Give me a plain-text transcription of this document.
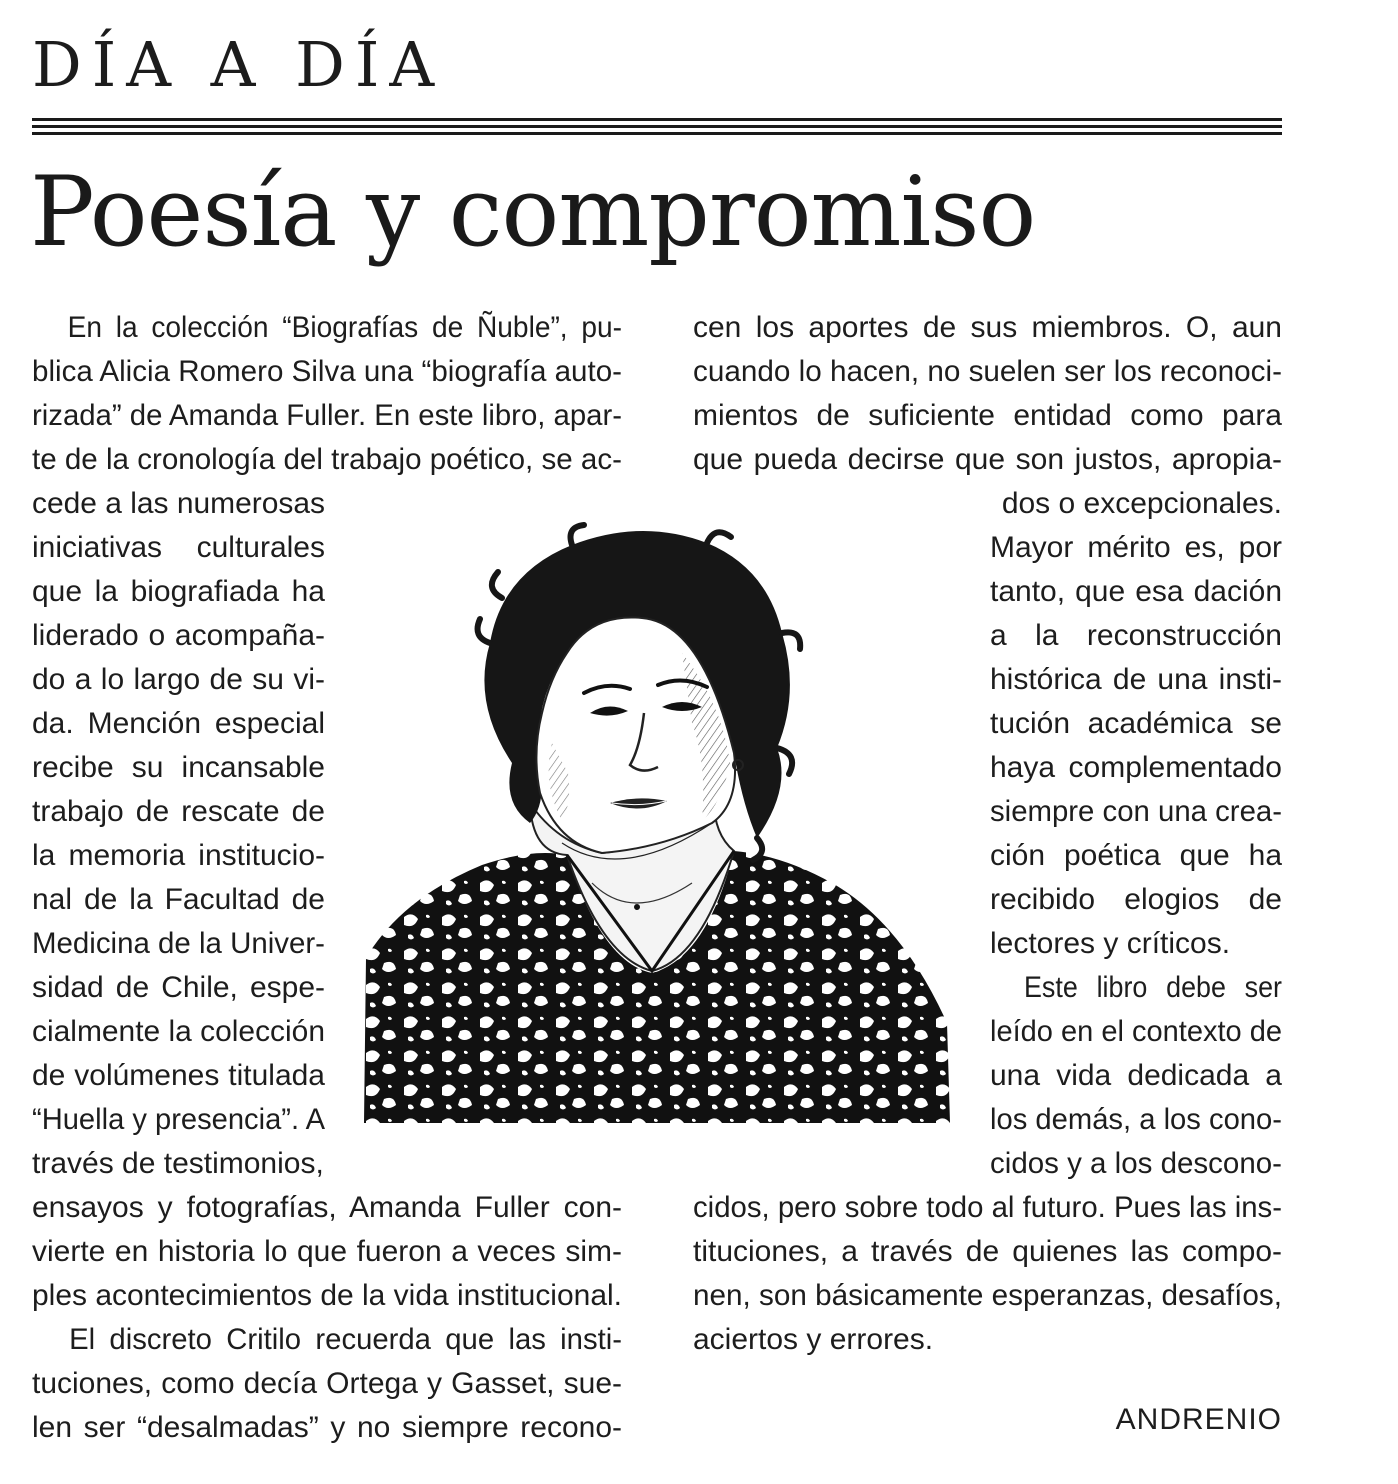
DÍA A DÍA
Poesía y compromiso
En la colección “Biografías de Ñuble”, pu-
blica Alicia Romero Silva una “biografía auto-
rizada” de Amanda Fuller. En este libro, apar-
te de la cronología del trabajo poético, se ac-
cede a las numerosas
iniciativas culturales
que la biografiada ha
liderado o acompaña-
do a lo largo de su vi-
da. Mención especial
recibe su incansable
trabajo de rescate de
la memoria institucio-
nal de la Facultad de
Medicina de la Univer-
sidad de Chile, espe-
cialmente la colección
de volúmenes titulada
“Huella y presencia”. A
través de testimonios,
ensayos y fotografías, Amanda Fuller con-
vierte en historia lo que fueron a veces sim-
ples acontecimientos de la vida institucional.
El discreto Critilo recuerda que las insti-
tuciones, como decía Ortega y Gasset, sue-
len ser “desalmadas” y no siempre recono-
cen los aportes de sus miembros. O, aun
cuando lo hacen, no suelen ser los reconoci-
mientos de suficiente entidad como para
que pueda decirse que son justos, apropia-
dos o excepcionales.
Mayor mérito es, por
tanto, que esa dación
a la reconstrucción
histórica de una insti-
tución académica se
haya complementado
siempre con una crea-
ción poética que ha
recibido elogios de
lectores y críticos.
Este libro debe ser
leído en el contexto de
una vida dedicada a
los demás, a los cono-
cidos y a los descono-
cidos, pero sobre todo al futuro. Pues las ins-
tituciones, a través de quienes las compo-
nen, son básicamente esperanzas, desafíos,
aciertos y errores.
ANDRENIO
